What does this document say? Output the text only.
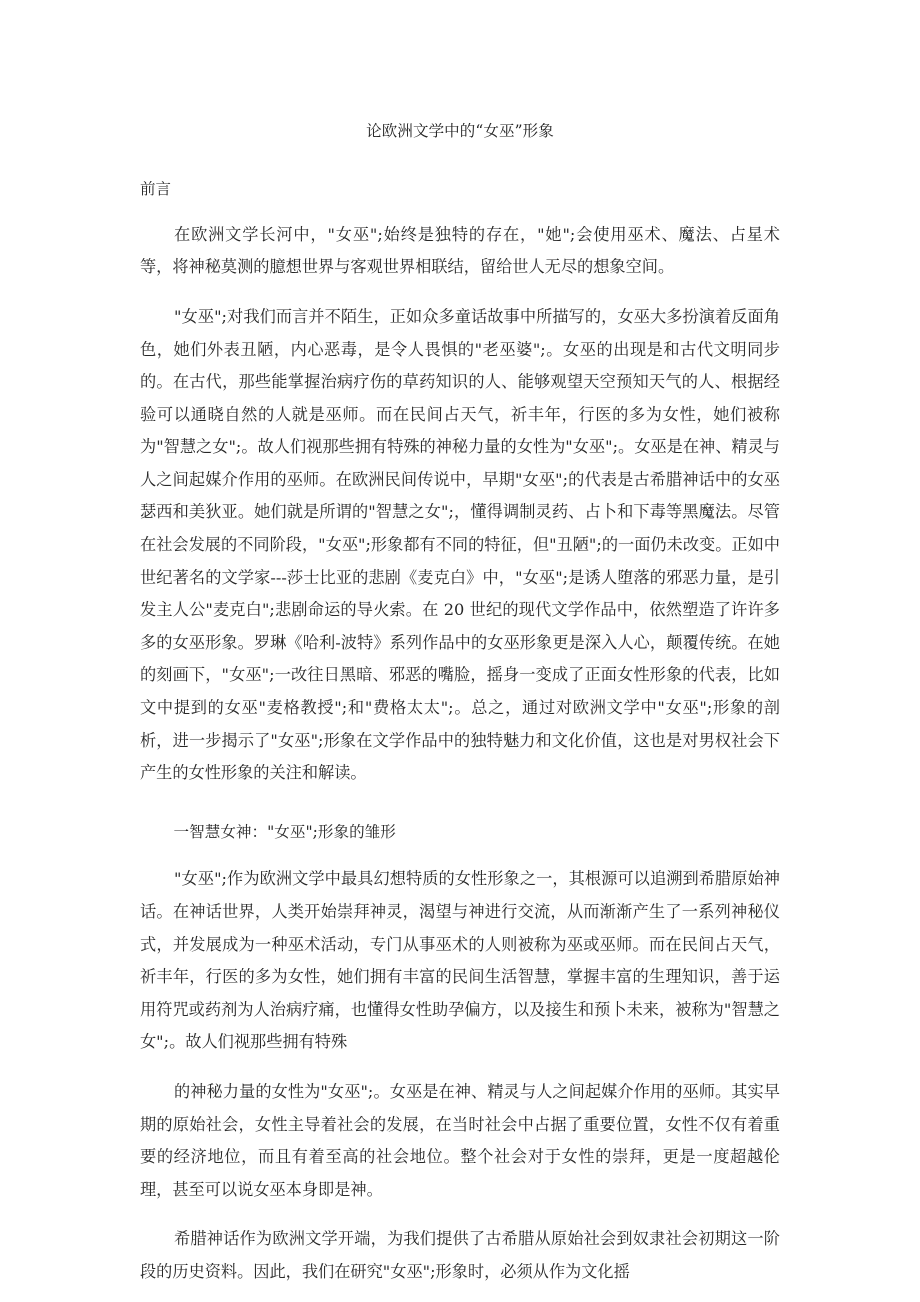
论欧洲文学中的“女巫”形象

前言

在欧洲文学长河中，"女巫";始终是独特的存在，"她";会使用巫术、魔法、占星术等，将神秘莫测的臆想世界与客观世界相联结，留给世人无尽的想象空间。

"女巫";对我们而言并不陌生，正如众多童话故事中所描写的，女巫大多扮演着反面角色，她们外表丑陋，内心恶毒，是令人畏惧的"老巫婆";。女巫的出现是和古代文明同步的。在古代，那些能掌握治病疗伤的草药知识的人、能够观望天空预知天气的人、根据经验可以通晓自然的人就是巫师。而在民间占天气，祈丰年，行医的多为女性，她们被称为"智慧之女";。故人们视那些拥有特殊的神秘力量的女性为"女巫";。女巫是在神、精灵与人之间起媒介作用的巫师。在欧洲民间传说中，早期"女巫";的代表是古希腊神话中的女巫瑟西和美狄亚。她们就是所谓的"智慧之女";，懂得调制灵药、占卜和下毒等黑魔法。尽管在社会发展的不同阶段，"女巫";形象都有不同的特征，但"丑陋";的一面仍未改变。正如中世纪著名的文学家---莎士比亚的悲剧《麦克白》中，"女巫";是诱人堕落的邪恶力量，是引发主人公"麦克白";悲剧命运的导火索。在 20 世纪的现代文学作品中，依然塑造了许许多多的女巫形象。罗琳《哈利-波特》系列作品中的女巫形象更是深入人心，颠覆传统。在她的刻画下，"女巫";一改往日黑暗、邪恶的嘴脸，摇身一变成了正面女性形象的代表，比如文中提到的女巫"麦格教授";和"费格太太";。总之，通过对欧洲文学中"女巫";形象的剖析，进一步揭示了"女巫";形象在文学作品中的独特魅力和文化价值，这也是对男权社会下产生的女性形象的关注和解读。

一智慧女神："女巫";形象的雏形

"女巫";作为欧洲文学中最具幻想特质的女性形象之一，其根源可以追溯到希腊原始神话。在神话世界，人类开始崇拜神灵，渴望与神进行交流，从而渐渐产生了一系列神秘仪式，并发展成为一种巫术活动，专门从事巫术的人则被称为巫或巫师。而在民间占天气，祈丰年，行医的多为女性，她们拥有丰富的民间生活智慧，掌握丰富的生理知识，善于运用符咒或药剂为人治病疗痛，也懂得女性助孕偏方，以及接生和预卜未来，被称为"智慧之女";。故人们视那些拥有特殊

的神秘力量的女性为"女巫";。女巫是在神、精灵与人之间起媒介作用的巫师。其实早期的原始社会，女性主导着社会的发展，在当时社会中占据了重要位置，女性不仅有着重要的经济地位，而且有着至高的社会地位。整个社会对于女性的崇拜，更是一度超越伦理，甚至可以说女巫本身即是神。

希腊神话作为欧洲文学开端，为我们提供了古希腊从原始社会到奴隶社会初期这一阶段的历史资料。因此，我们在研究"女巫";形象时，必须从作为文化摇
